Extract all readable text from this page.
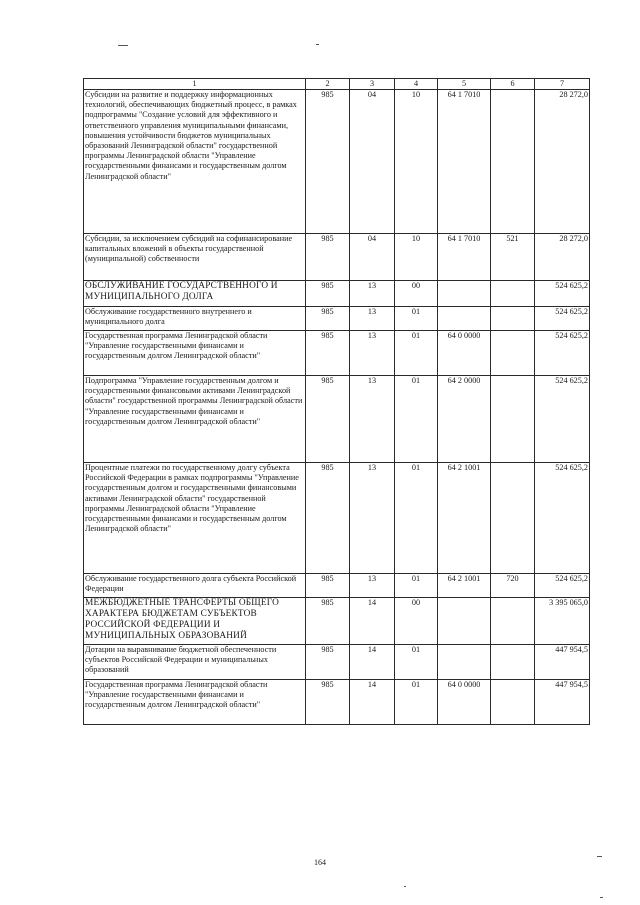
1	2	3	4	5	6	7
Субсидии на развитие и поддержку информационных технологий, обеспечивающих бюджетный процесс, в рамках подпрограммы "Создание условий для эффективного и ответственного управления муниципальными финансами, повышения устойчивости бюджетов муниципальных образований Ленинградской области" государственной программы Ленинградской области "Управление государственными финансами и государственным долгом Ленинградской области"	985	04	10	64 1 7010		28 272,0
Субсидии, за исключением субсидий на софинансирование капитальных вложений в объекты государственной (муниципальной) собственности	985	04	10	64 1 7010	521	28 272,0
ОБСЛУЖИВАНИЕ ГОСУДАРСТВЕННОГО И МУНИЦИПАЛЬНОГО ДОЛГА	985	13	00			524 625,2
Обслуживание государственного внутреннего и муниципального долга	985	13	01			524 625,2
Государственная программа Ленинградской области "Управление государственными финансами и государственным долгом Ленинградской области"	985	13	01	64 0 0000		524 625,2
Подпрограмма "Управление государственным долгом и государственными финансовыми активами Ленинградской области" государственной программы Ленинградской области "Управление государственными финансами и государственным долгом Ленинградской области"	985	13	01	64 2 0000		524 625,2
Процентные платежи по государственному долгу субъекта Российской Федерации в рамках подпрограммы "Управление государственным долгом и государственными финансовыми активами Ленинградской области" государственной программы Ленинградской области "Управление государственными финансами и государственным долгом Ленинградской области"	985	13	01	64 2 1001		524 625,2
Обслуживание государственного долга субъекта Российской Федерации	985	13	01	64 2 1001	720	524 625,2
МЕЖБЮДЖЕТНЫЕ ТРАНСФЕРТЫ ОБЩЕГО ХАРАКТЕРА БЮДЖЕТАМ СУБЪЕКТОВ РОССИЙСКОЙ ФЕДЕРАЦИИ И МУНИЦИПАЛЬНЫХ ОБРАЗОВАНИЙ	985	14	00			3 395 065,0
Дотации на выравнивание бюджетной обеспеченности субъектов Российской Федерации и муниципальных образований	985	14	01			447 954,5
Государственная программа Ленинградской области "Управление государственными финансами и государственным долгом Ленинградской области"	985	14	01	64 0 0000		447 954,5
164
